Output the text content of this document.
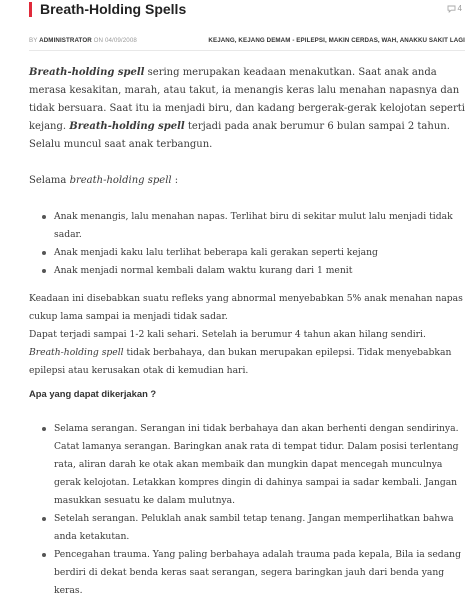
Breath-Holding Spells	4
BY ADMINISTRATOR ON 04/09/2008	KEJANG, KEJANG DEMAM - EPILEPSI, MAKIN CERDAS, WAH, ANAKKU SAKIT LAGI

Breath-holding spell sering merupakan keadaan menakutkan. Saat anak anda merasa kesakitan, marah, atau takut, ia menangis keras lalu menahan napasnya dan tidak bersuara. Saat itu ia menjadi biru, dan kadang bergerak-gerak kelojotan seperti kejang. Breath-holding spell terjadi pada anak berumur 6 bulan sampai 2 tahun. Selalu muncul saat anak terbangun.

Selama breath-holding spell :

Anak menangis, lalu menahan napas. Terlihat biru di sekitar mulut lalu menjadi tidak sadar.
Anak menjadi kaku lalu terlihat beberapa kali gerakan seperti kejang
Anak menjadi normal kembali dalam waktu kurang dari 1 menit

Keadaan ini disebabkan suatu refleks yang abnormal menyebabkan 5% anak menahan napas cukup lama sampai ia menjadi tidak sadar.
Dapat terjadi sampai 1-2 kali sehari. Setelah ia berumur 4 tahun akan hilang sendiri.
Breath-holding spell tidak berbahaya, dan bukan merupakan epilepsi. Tidak menyebabkan epilepsi atau kerusakan otak di kemudian hari.

Apa yang dapat dikerjakan ?

Selama serangan. Serangan ini tidak berbahaya dan akan berhenti dengan sendirinya. Catat lamanya serangan. Baringkan anak rata di tempat tidur. Dalam posisi terlentang rata, aliran darah ke otak akan membaik dan mungkin dapat mencegah munculnya gerak kelojotan. Letakkan kompres dingin di dahinya sampai ia sadar kembali. Jangan masukkan sesuatu ke dalam mulutnya.
Setelah serangan. Peluklah anak sambil tetap tenang. Jangan memperlihatkan bahwa anda ketakutan.
Pencegahan trauma. Yang paling berbahaya adalah trauma pada kepala, Bila ia sedang berdiri di dekat benda keras saat serangan, segera baringkan jauh dari benda yang keras.
